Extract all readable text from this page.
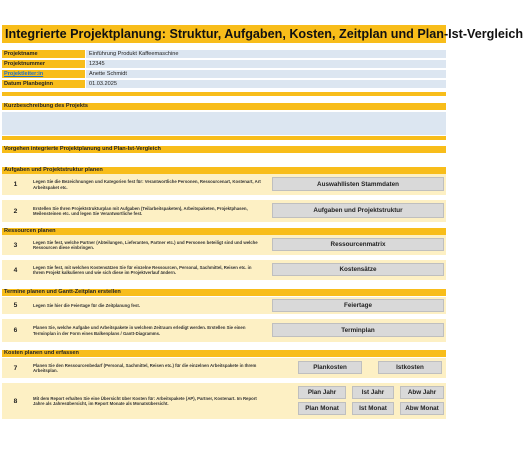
Integrierte Projektplanung: Struktur, Aufgaben, Kosten, Zeitplan und Plan-Ist-Vergleich
Projektname	Einführung Produkt Kaffeemaschine
Projektnummer	12345
Projektleiter:in	Anette Schmidt
Datum Planbeginn	01.03.2025
Kurzbeschreibung des Projekts
Vorgehen integrierte Projektplanung und Plan-Ist-Vergleich
Aufgaben und Projektstruktur planen
1	Legen Sie die Bezeichnungen und Kategorien fest für: Verantwortliche Personen, Ressourcenart, Kostenart, Art Arbeitspaket etc.	Auswahllisten Stammdaten
2	Erstellen Sie Ihren Projektstrukturplan mit Aufgaben (Teilarbeitspaketen), Arbeitspaketen, Projektphasen, Meilensteinen etc. und legen Sie Verantwortliche fest.	Aufgaben und Projektstruktur
Ressourcen planen
3	Legen Sie fest, welche Partner (Abteilungen, Lieferanten, Partner etc.) und Personen beteiligt sind und welche Ressourcen diese einbringen.	Ressourcenmatrix
4	Legen Sie fest, mit welchen Kostensätzen Sie für einzelne Ressourcen, Personal, Sachmittel, Reisen etc. in Ihrem Projekt kalkulieren und wie sich diese im Projektverlauf ändern.	Kostensätze
Termine planen und Gantt-Zeitplan erstellen
5	Legen Sie hier die Feiertage für die Zeitplanung fest.	Feiertage
6	Planen Sie, welche Aufgabe und Arbeitspakete in welchem Zeitraum erledigt werden. Erstellen Sie einen Terminplan in der Form eines Balkenplans / Gantt-Diagramms.	Terminplan
Kosten planen und erfassen
7	Planen Sie den Ressourcenbedarf (Personal, Sachmittel, Reisen etc.) für die einzelnen Arbeitspakete in Ihrem Arbeitsplan.	Plankosten	Istkosten
8	Mit dem Report erhalten Sie eine Übersicht über Kosten für: Arbeitspakete (AP), Partner, Kostenart. Im Report Jahre als Jahresübersicht, im Report Monate als Monatsübersicht.
Plan Jahr	Ist Jahr	Abw Jahr
Plan Monat	Ist Monat	Abw Monat
